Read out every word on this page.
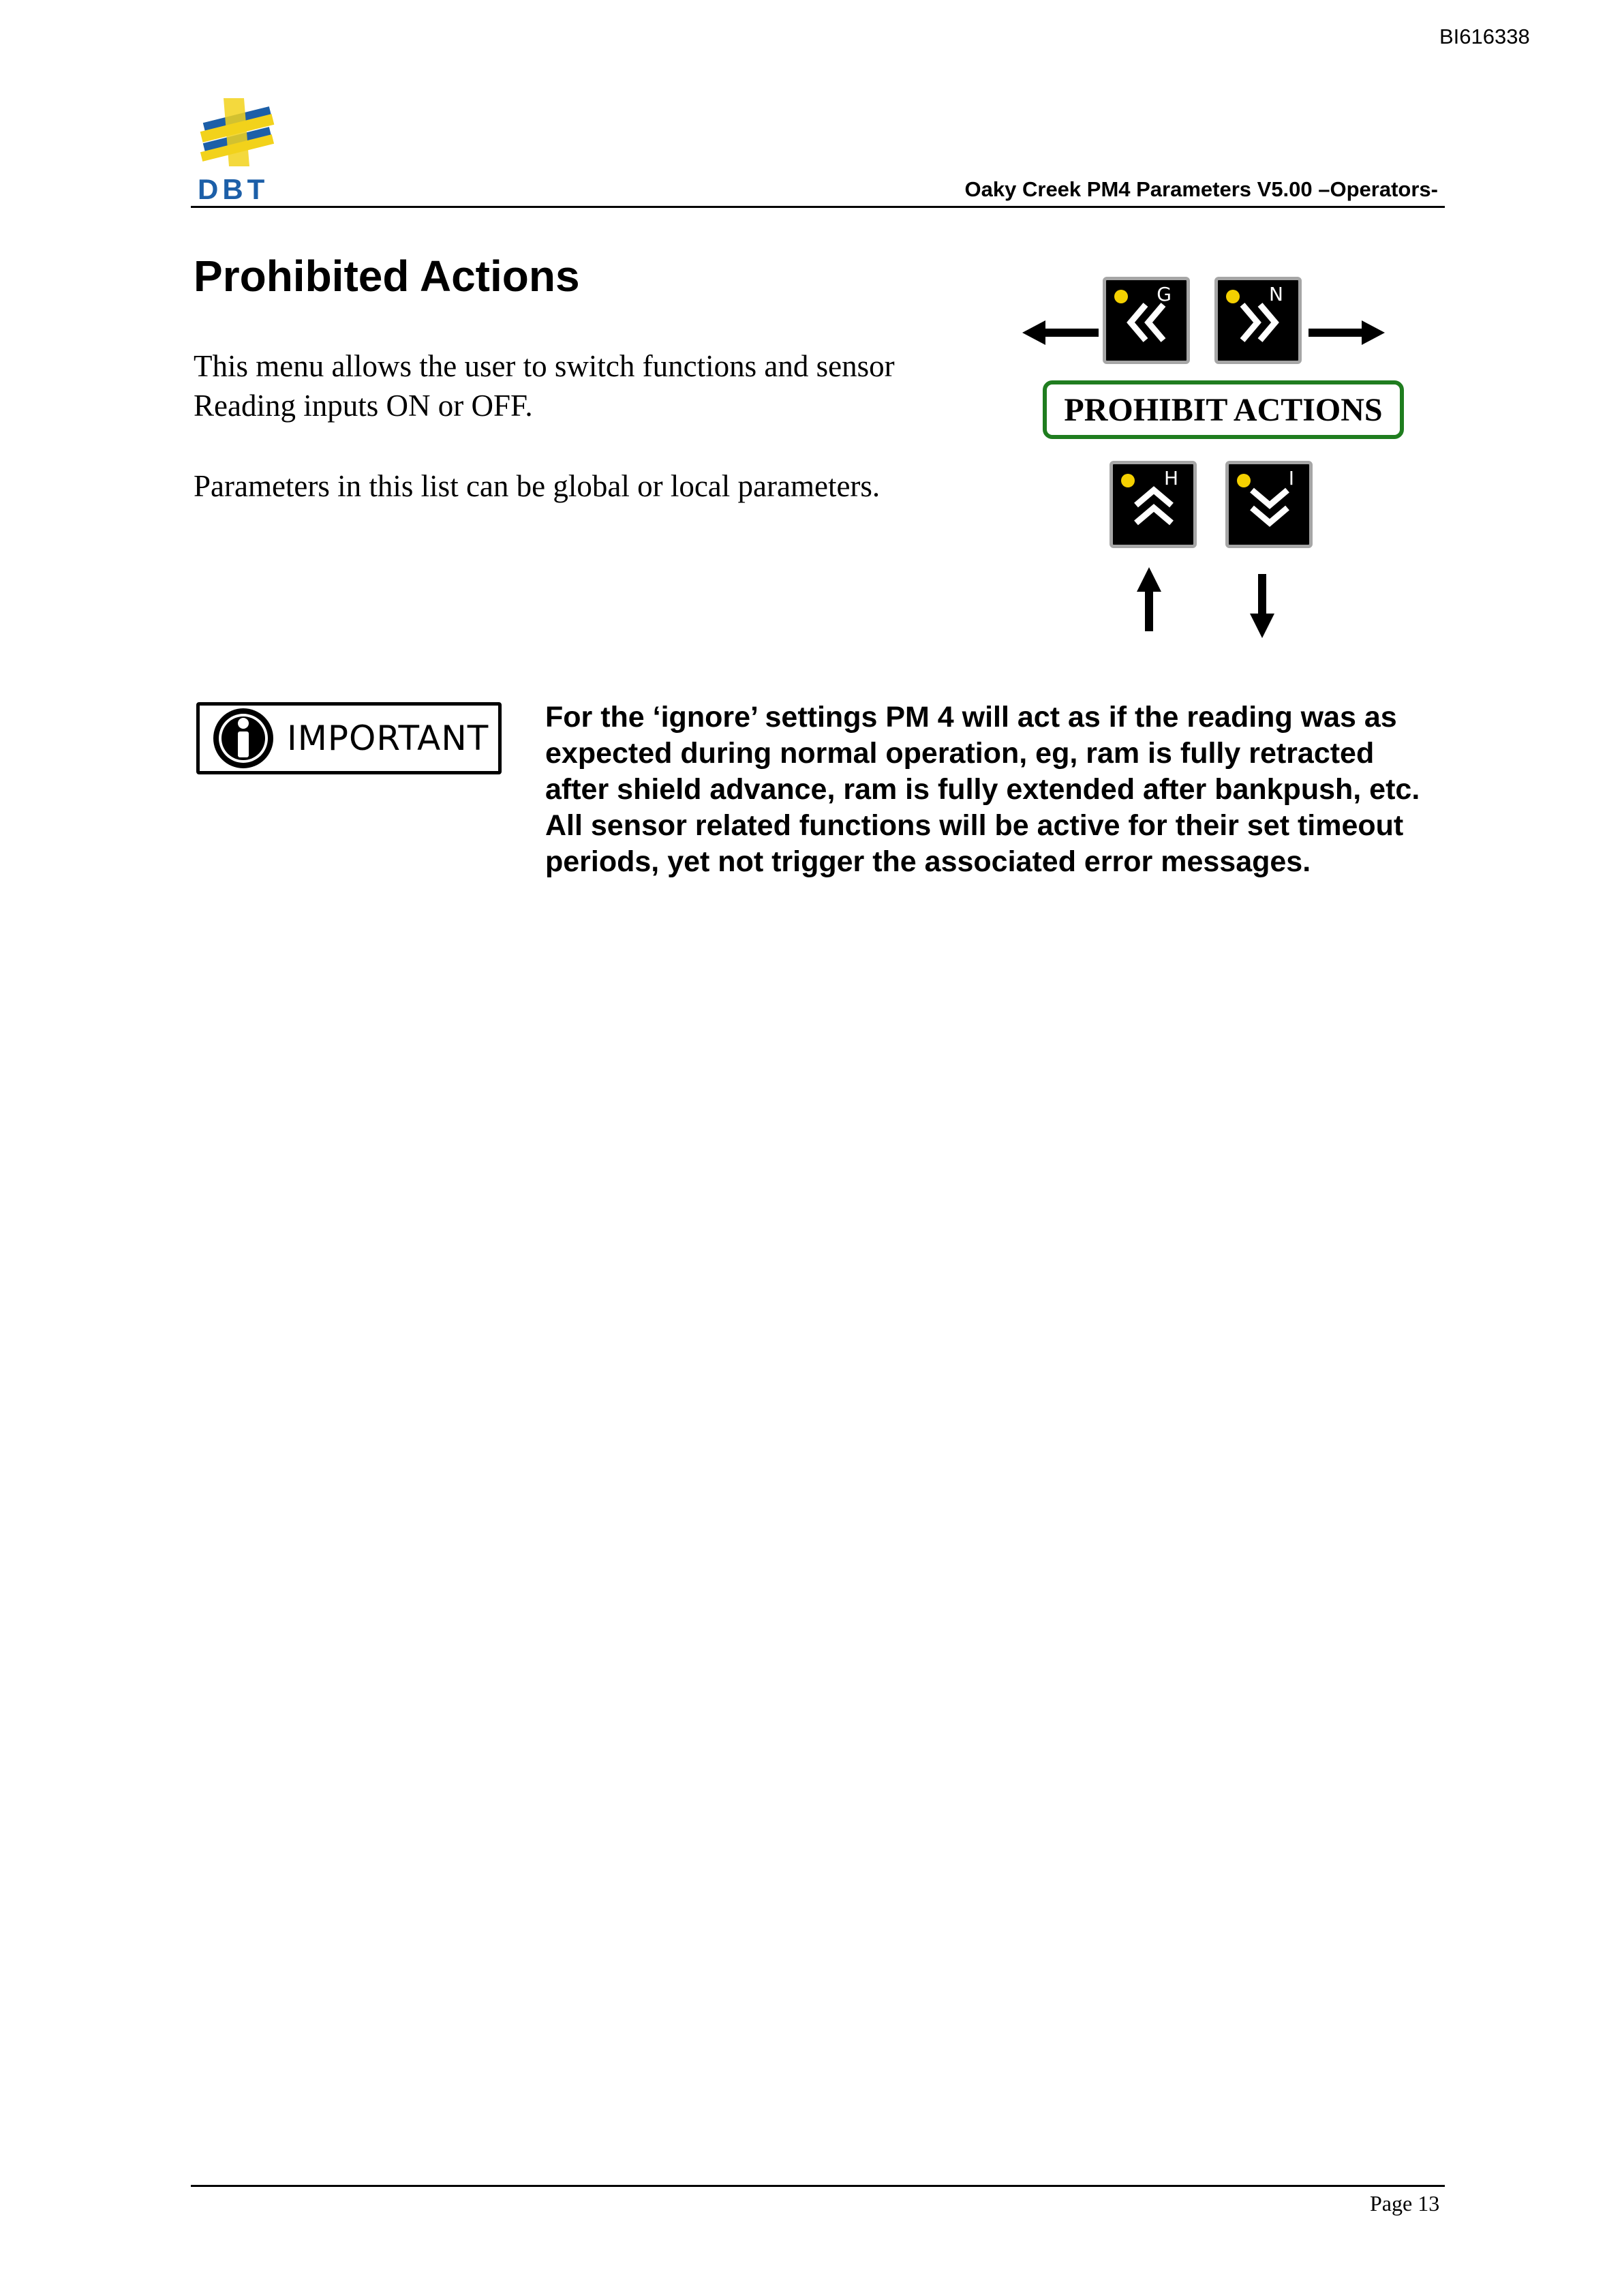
BI616338
DBT	Oaky Creek PM4 Parameters V5.00 –Operators-
Prohibited Actions

This menu allows the user to switch functions and sensor Reading inputs ON or OFF.

Parameters in this list can be global or local parameters.

G	N
PROHIBIT ACTIONS
H	I
IMPORTANT

For the ‘ignore’ settings PM 4 will act as if the reading was as expected during normal operation, eg, ram is fully retracted after shield advance, ram is fully extended after bankpush, etc.

All sensor related functions will be active for their set timeout periods, yet not trigger the associated error messages.

Page 13
